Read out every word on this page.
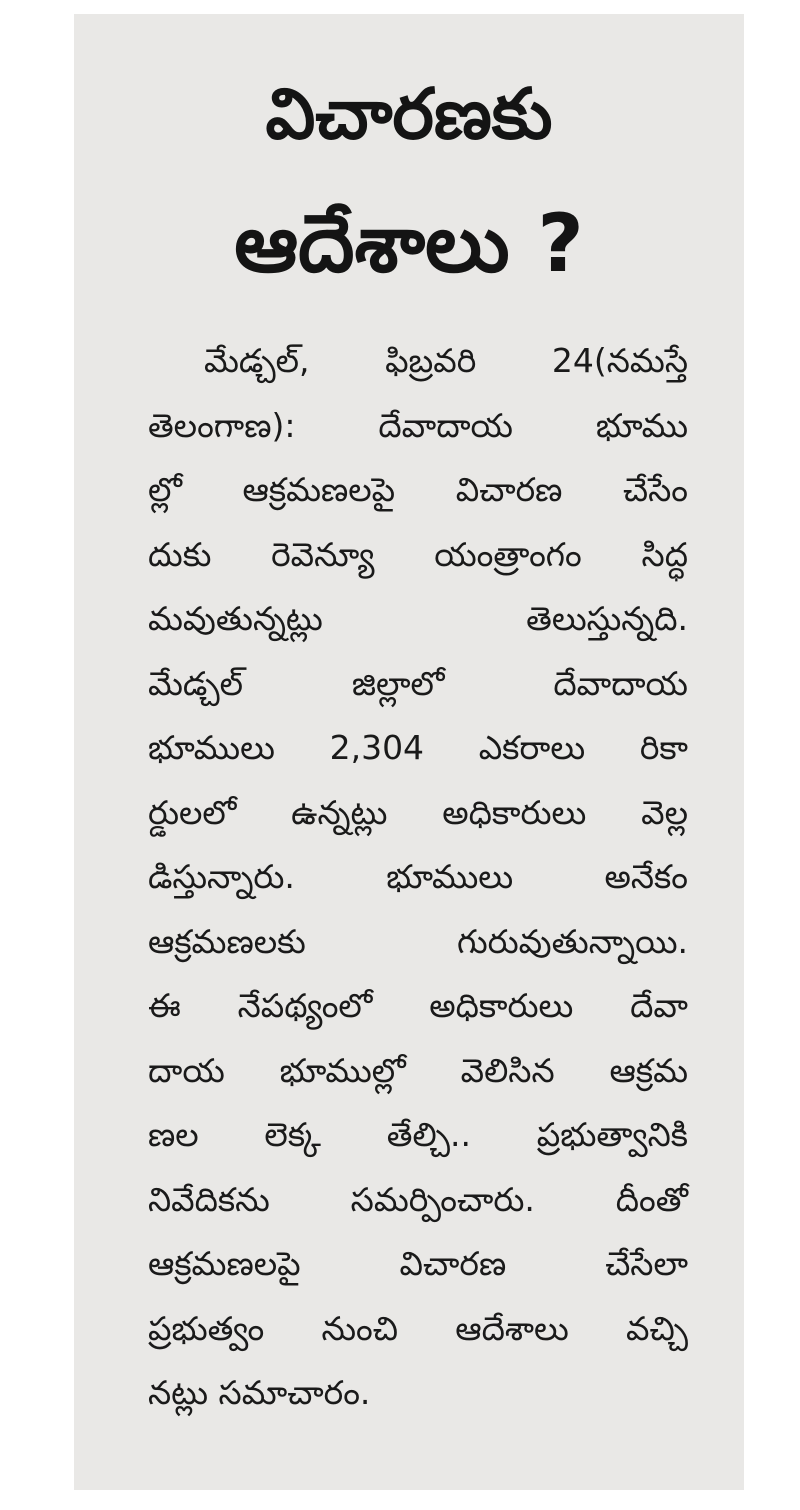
విచారణకు
ఆదేశాలు ?
మేడ్చల్, ఫిబ్రవరి 24(నమస్తే
తెలంగాణ): దేవాదాయ భూము
ల్లో ఆక్రమణలపై విచారణ చేసేం
దుకు రెవెన్యూ యంత్రాంగం సిద్ధ
మవుతున్నట్లు తెలుస్తున్నది.
మేడ్చల్ జిల్లాలో దేవాదాయ
భూములు 2,304 ఎకరాలు రికా
ర్డులలో ఉన్నట్లు అధికారులు వెల్ల
డిస్తున్నారు. భూములు అనేకం
ఆక్రమణలకు గురువుతున్నాయి.
ఈ నేపథ్యంలో అధికారులు దేవా
దాయ భూముల్లో వెలిసిన ఆక్రమ
ణల లెక్క తేల్చి.. ప్రభుత్వానికి
నివేదికను సమర్పించారు. దీంతో
ఆక్రమణలపై విచారణ చేసేలా
ప్రభుత్వం నుంచి ఆదేశాలు వచ్చి
నట్లు సమాచారం.
